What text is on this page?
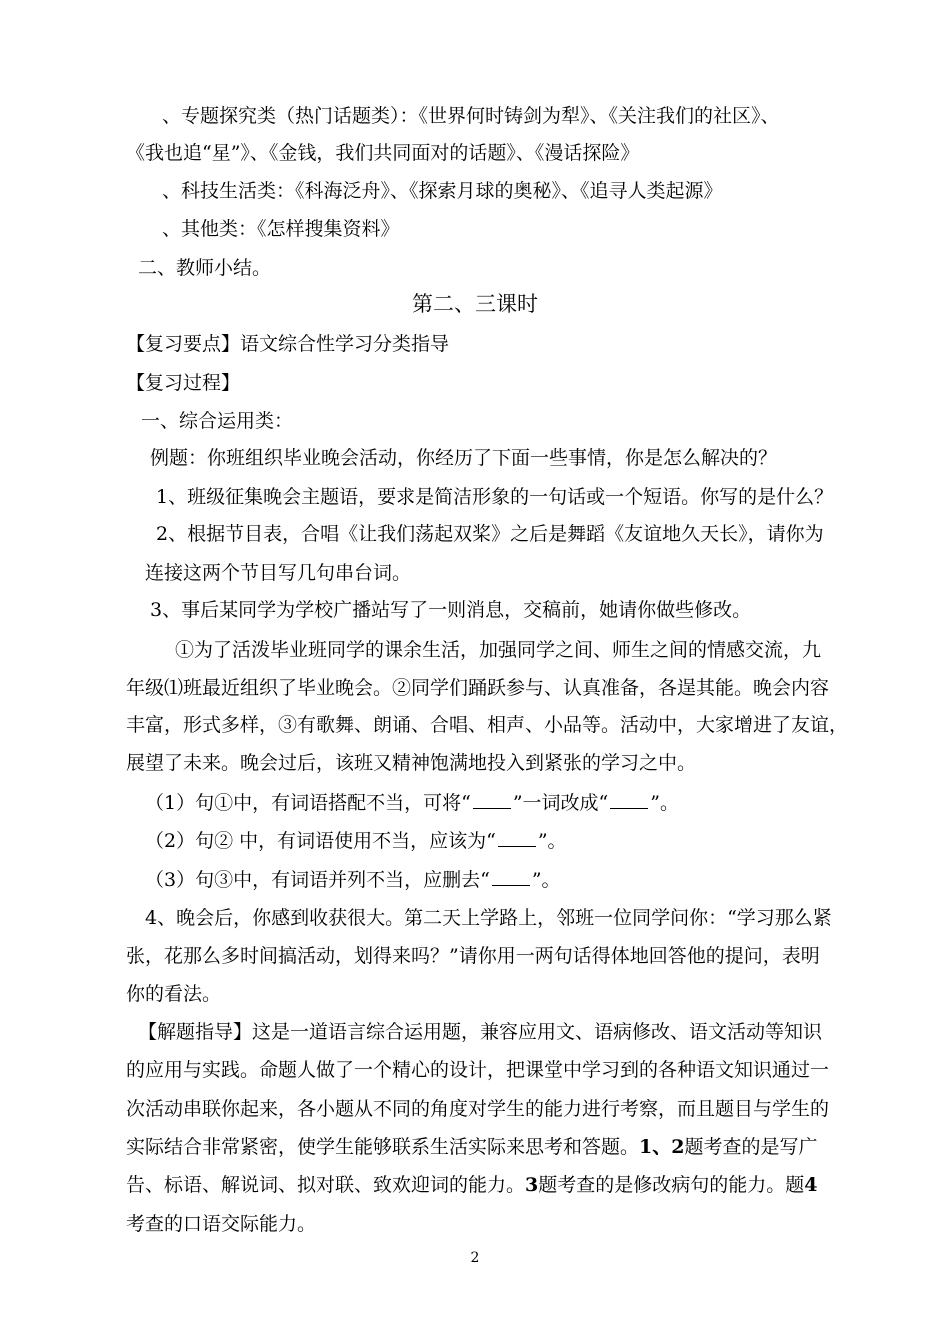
、专题探究类（热门话题类）：《世界何时铸剑为犁》、《关注我们的社区》、
《我也追“星”》、《金钱，我们共同面对的话题》、《漫话探险》
、科技生活类：《科海泛舟》、《探索月球的奥秘》、《追寻人类起源》
、其他类：《怎样搜集资料》
二、教师小结。
第二、三课时
【复习要点】语文综合性学习分类指导
【复习过程】
一、综合运用类：
例题：你班组织毕业晚会活动，你经历了下面一些事情，你是怎么解决的？
1、班级征集晚会主题语，要求是简洁形象的一句话或一个短语。你写的是什么？
2、根据节目表，合唱《让我们荡起双桨》之后是舞蹈《友谊地久天长》，请你为
连接这两个节目写几句串台词。
3、事后某同学为学校广播站写了一则消息，交稿前，她请你做些修改。
①为了活泼毕业班同学的课余生活，加强同学之间、师生之间的情感交流，九
年级⑴班最近组织了毕业晚会。②同学们踊跃参与、认真准备，各逞其能。晚会内容
丰富，形式多样，③有歌舞、朗诵、合唱、相声、小品等。活动中，大家增进了友谊，
展望了未来。晚会过后，该班又精神饱满地投入到紧张的学习之中。
（1）句①中，有词语搭配不当，可将“ ”一词改成“ ”。
（2）句② 中，有词语使用不当，应该为“ ”。
（3）句③中，有词语并列不当，应删去“ ”。
4、晚会后，你感到收获很大。第二天上学路上，邻班一位同学问你：“学习那么紧
张，花那么多时间搞活动，划得来吗？”请你用一两句话得体地回答他的提问，表明
你的看法。
【解题指导】这是一道语言综合运用题，兼容应用文、语病修改、语文活动等知识
的应用与实践。命题人做了一个精心的设计，把课堂中学习到的各种语文知识通过一
次活动串联你起来，各小题从不同的角度对学生的能力进行考察，而且题目与学生的
实际结合非常紧密，使学生能够联系生活实际来思考和答题。1、2题考查的是写广
告、标语、解说词、拟对联、致欢迎词的能力。3题考查的是修改病句的能力。题4
考查的口语交际能力。
2
